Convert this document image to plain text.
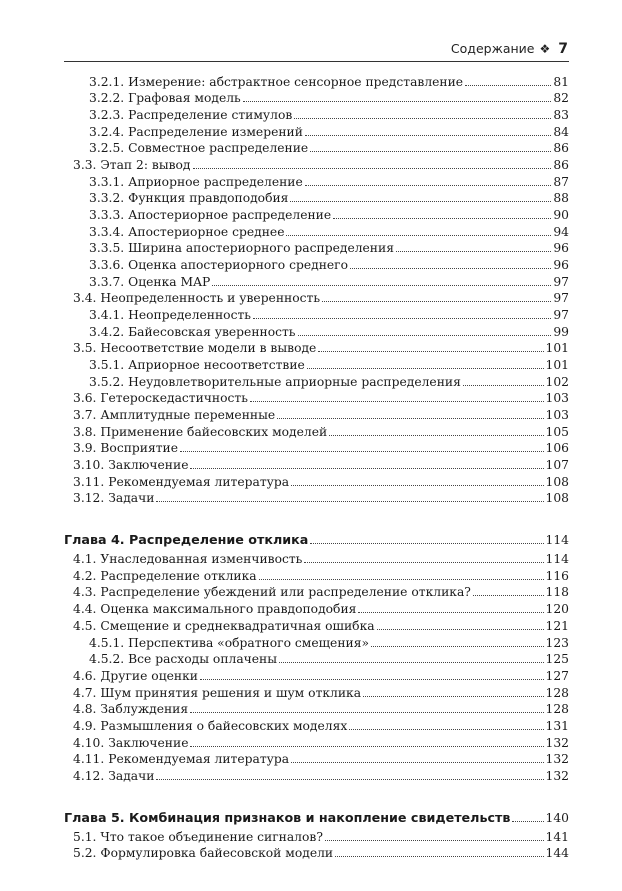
Содержание ❖ 7
3.2.1. Измерение: абстрактное сенсорное представление	81
3.2.2. Графовая модель	82
3.2.3. Распределение стимулов	83
3.2.4. Распределение измерений	84
3.2.5. Совместное распределение	86
3.3. Этап 2: вывод	86
3.3.1. Априорное распределение	87
3.3.2. Функция правдоподобия	88
3.3.3. Апостериорное распределение	90
3.3.4. Апостериорное среднее	94
3.3.5. Ширина апостериорного распределения	96
3.3.6. Оценка апостериорного среднего	96
3.3.7. Оценка MAP	97
3.4. Неопределенность и уверенность	97
3.4.1. Неопределенность	97
3.4.2. Байесовская уверенность	99
3.5. Несоответствие модели в выводе	101
3.5.1. Априорное несоответствие	101
3.5.2. Неудовлетворительные априорные распределения	102
3.6. Гетероскедастичность	103
3.7. Амплитудные переменные	103
3.8. Применение байесовских моделей	105
3.9. Восприятие	106
3.10. Заключение	107
3.11. Рекомендуемая литература	108
3.12. Задачи	108
Глава 4. Распределение отклика	114
4.1. Унаследованная изменчивость	114
4.2. Распределение отклика	116
4.3. Распределение убеждений или распределение отклика?	118
4.4. Оценка максимального правдоподобия	120
4.5. Смещение и среднеквадратичная ошибка	121
4.5.1. Перспектива «обратного смещения»	123
4.5.2. Все расходы оплачены	125
4.6. Другие оценки	127
4.7. Шум принятия решения и шум отклика	128
4.8. Заблуждения	128
4.9. Размышления о байесовских моделях	131
4.10. Заключение	132
4.11. Рекомендуемая литература	132
4.12. Задачи	132
Глава 5. Комбинация признаков и накопление свидетельств	140
5.1. Что такое объединение сигналов?	141
5.2. Формулировка байесовской модели	144
